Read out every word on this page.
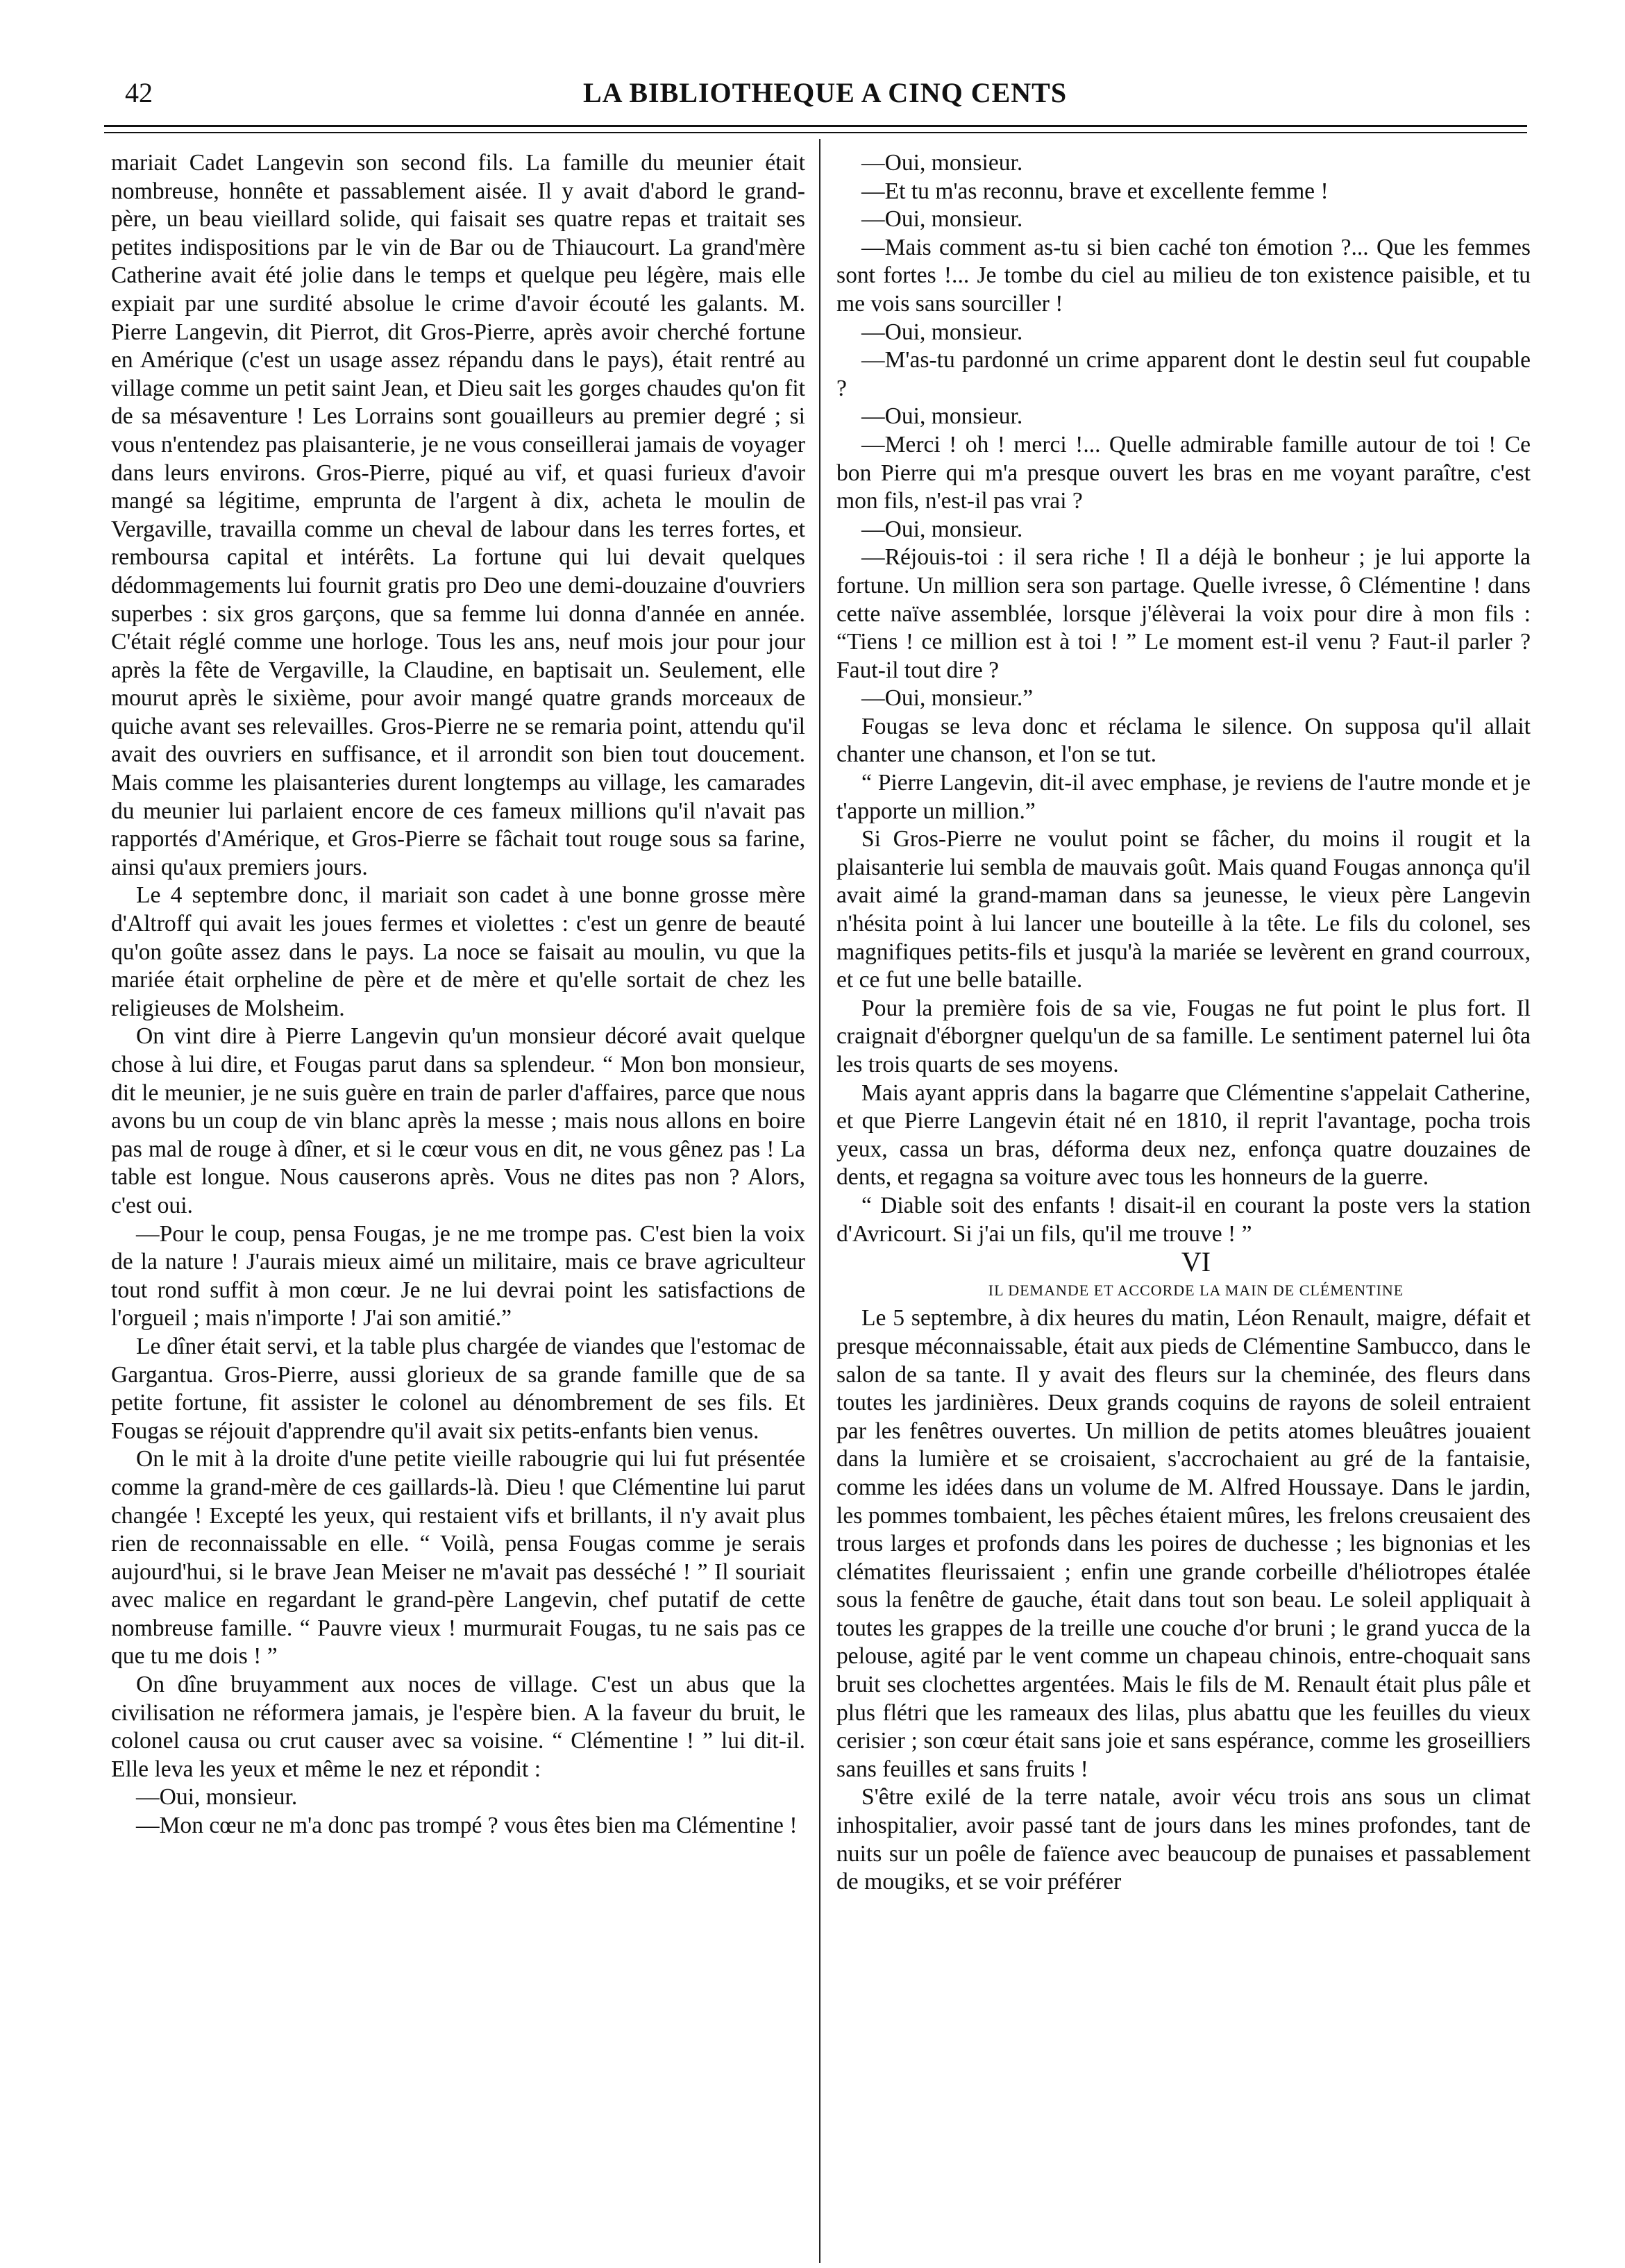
42	LA BIBLIOTHEQUE A CINQ CENTS

mariait Cadet Langevin son second fils. La famille du meunier était nombreuse, honnête et passablement aisée. Il y avait d'abord le grand-père, un beau vieillard solide, qui faisait ses quatre repas et traitait ses petites indispositions par le vin de Bar ou de Thiaucourt. La grand'mère Catherine avait été jolie dans le temps et quelque peu légère, mais elle expiait par une surdité absolue le crime d'avoir écouté les galants. M. Pierre Langevin, dit Pierrot, dit Gros-Pierre, après avoir cherché fortune en Amérique (c'est un usage assez répandu dans le pays), était rentré au village comme un petit saint Jean, et Dieu sait les gorges chaudes qu'on fit de sa mésaventure ! Les Lorrains sont gouailleurs au premier degré ; si vous n'entendez pas plaisanterie, je ne vous conseillerai jamais de voyager dans leurs environs. Gros-Pierre, piqué au vif, et quasi furieux d'avoir mangé sa légitime, emprunta de l'argent à dix, acheta le moulin de Vergaville, travailla comme un cheval de labour dans les terres fortes, et remboursa capital et intérêts. La fortune qui lui devait quelques dédommagements lui fournit gratis pro Deo une demi-douzaine d'ouvriers superbes : six gros garçons, que sa femme lui donna d'année en année. C'était réglé comme une horloge. Tous les ans, neuf mois jour pour jour après la fête de Vergaville, la Claudine, en baptisait un. Seulement, elle mourut après le sixième, pour avoir mangé quatre grands morceaux de quiche avant ses relevailles. Gros-Pierre ne se remaria point, attendu qu'il avait des ouvriers en suffisance, et il arrondit son bien tout doucement. Mais comme les plaisanteries durent longtemps au village, les camarades du meunier lui parlaient encore de ces fameux millions qu'il n'avait pas rapportés d'Amérique, et Gros-Pierre se fâchait tout rouge sous sa farine, ainsi qu'aux premiers jours.

Le 4 septembre donc, il mariait son cadet à une bonne grosse mère d'Altroff qui avait les joues fermes et violettes : c'est un genre de beauté qu'on goûte assez dans le pays. La noce se faisait au moulin, vu que la mariée était orpheline de père et de mère et qu'elle sortait de chez les religieuses de Molsheim.

On vint dire à Pierre Langevin qu'un monsieur décoré avait quelque chose à lui dire, et Fougas parut dans sa splendeur. “ Mon bon monsieur, dit le meunier, je ne suis guère en train de parler d'affaires, parce que nous avons bu un coup de vin blanc après la messe ; mais nous allons en boire pas mal de rouge à dîner, et si le cœur vous en dit, ne vous gênez pas ! La table est longue. Nous causerons après. Vous ne dites pas non ? Alors, c'est oui.

—Pour le coup, pensa Fougas, je ne me trompe pas. C'est bien la voix de la nature ! J'aurais mieux aimé un militaire, mais ce brave agriculteur tout rond suffit à mon cœur. Je ne lui devrai point les satisfactions de l'orgueil ; mais n'importe ! J'ai son amitié.”

Le dîner était servi, et la table plus chargée de viandes que l'estomac de Gargantua. Gros-Pierre, aussi glorieux de sa grande famille que de sa petite fortune, fit assister le colonel au dénombrement de ses fils. Et Fougas se réjouit d'apprendre qu'il avait six petits-enfants bien venus.

On le mit à la droite d'une petite vieille rabougrie qui lui fut présentée comme la grand-mère de ces gaillards-là. Dieu ! que Clémentine lui parut changée ! Excepté les yeux, qui restaient vifs et brillants, il n'y avait plus rien de reconnaissable en elle. “ Voilà, pensa Fougas comme je serais aujourd'hui, si le brave Jean Meiser ne m'avait pas desséché ! ” Il souriait avec malice en regardant le grand-père Langevin, chef putatif de cette nombreuse famille. “ Pauvre vieux ! murmurait Fougas, tu ne sais pas ce que tu me dois ! ”

On dîne bruyamment aux noces de village. C'est un abus que la civilisation ne réformera jamais, je l'espère bien. A la faveur du bruit, le colonel causa ou crut causer avec sa voisine. “ Clémentine ! ” lui dit-il. Elle leva les yeux et même le nez et répondit :

—Oui, monsieur.

—Mon cœur ne m'a donc pas trompé ? vous êtes bien ma Clémentine !

—Oui, monsieur.

—Et tu m'as reconnu, brave et excellente femme !

—Oui, monsieur.

—Mais comment as-tu si bien caché ton émotion ?... Que les femmes sont fortes !... Je tombe du ciel au milieu de ton existence paisible, et tu me vois sans sourciller !

—Oui, monsieur.

—M'as-tu pardonné un crime apparent dont le destin seul fut coupable ?

—Oui, monsieur.

—Merci ! oh ! merci !... Quelle admirable famille autour de toi ! Ce bon Pierre qui m'a presque ouvert les bras en me voyant paraître, c'est mon fils, n'est-il pas vrai ?

—Oui, monsieur.

—Réjouis-toi : il sera riche ! Il a déjà le bonheur ; je lui apporte la fortune. Un million sera son partage. Quelle ivresse, ô Clémentine ! dans cette naïve assemblée, lorsque j'élèverai la voix pour dire à mon fils : “Tiens ! ce million est à toi ! ” Le moment est-il venu ? Faut-il parler ? Faut-il tout dire ?

—Oui, monsieur.”

Fougas se leva donc et réclama le silence. On supposa qu'il allait chanter une chanson, et l'on se tut.

“ Pierre Langevin, dit-il avec emphase, je reviens de l'autre monde et je t'apporte un million.”

Si Gros-Pierre ne voulut point se fâcher, du moins il rougit et la plaisanterie lui sembla de mauvais goût. Mais quand Fougas annonça qu'il avait aimé la grand-maman dans sa jeunesse, le vieux père Langevin n'hésita point à lui lancer une bouteille à la tête. Le fils du colonel, ses magnifiques petits-fils et jusqu'à la mariée se levèrent en grand courroux, et ce fut une belle bataille.

Pour la première fois de sa vie, Fougas ne fut point le plus fort. Il craignait d'éborgner quelqu'un de sa famille. Le sentiment paternel lui ôta les trois quarts de ses moyens.

Mais ayant appris dans la bagarre que Clémentine s'appelait Catherine, et que Pierre Langevin était né en 1810, il reprit l'avantage, pocha trois yeux, cassa un bras, déforma deux nez, enfonça quatre douzaines de dents, et regagna sa voiture avec tous les honneurs de la guerre.

“ Diable soit des enfants ! disait-il en courant la poste vers la station d'Avricourt. Si j'ai un fils, qu'il me trouve ! ”

VI

IL DEMANDE ET ACCORDE LA MAIN DE CLÉMENTINE

Le 5 septembre, à dix heures du matin, Léon Renault, maigre, défait et presque méconnaissable, était aux pieds de Clémentine Sambucco, dans le salon de sa tante. Il y avait des fleurs sur la cheminée, des fleurs dans toutes les jardinières. Deux grands coquins de rayons de soleil entraient par les fenêtres ouvertes. Un million de petits atomes bleuâtres jouaient dans la lumière et se croisaient, s'accrochaient au gré de la fantaisie, comme les idées dans un volume de M. Alfred Houssaye. Dans le jardin, les pommes tombaient, les pêches étaient mûres, les frelons creusaient des trous larges et profonds dans les poires de duchesse ; les bignonias et les clématites fleurissaient ; enfin une grande corbeille d'héliotropes étalée sous la fenêtre de gauche, était dans tout son beau. Le soleil appliquait à toutes les grappes de la treille une couche d'or bruni ; le grand yucca de la pelouse, agité par le vent comme un chapeau chinois, entre-choquait sans bruit ses clochettes argentées. Mais le fils de M. Renault était plus pâle et plus flétri que les rameaux des lilas, plus abattu que les feuilles du vieux cerisier ; son cœur était sans joie et sans espérance, comme les groseilliers sans feuilles et sans fruits !

S'être exilé de la terre natale, avoir vécu trois ans sous un climat inhospitalier, avoir passé tant de jours dans les mines profondes, tant de nuits sur un poêle de faïence avec beaucoup de punaises et passablement de mougiks, et se voir préférer
